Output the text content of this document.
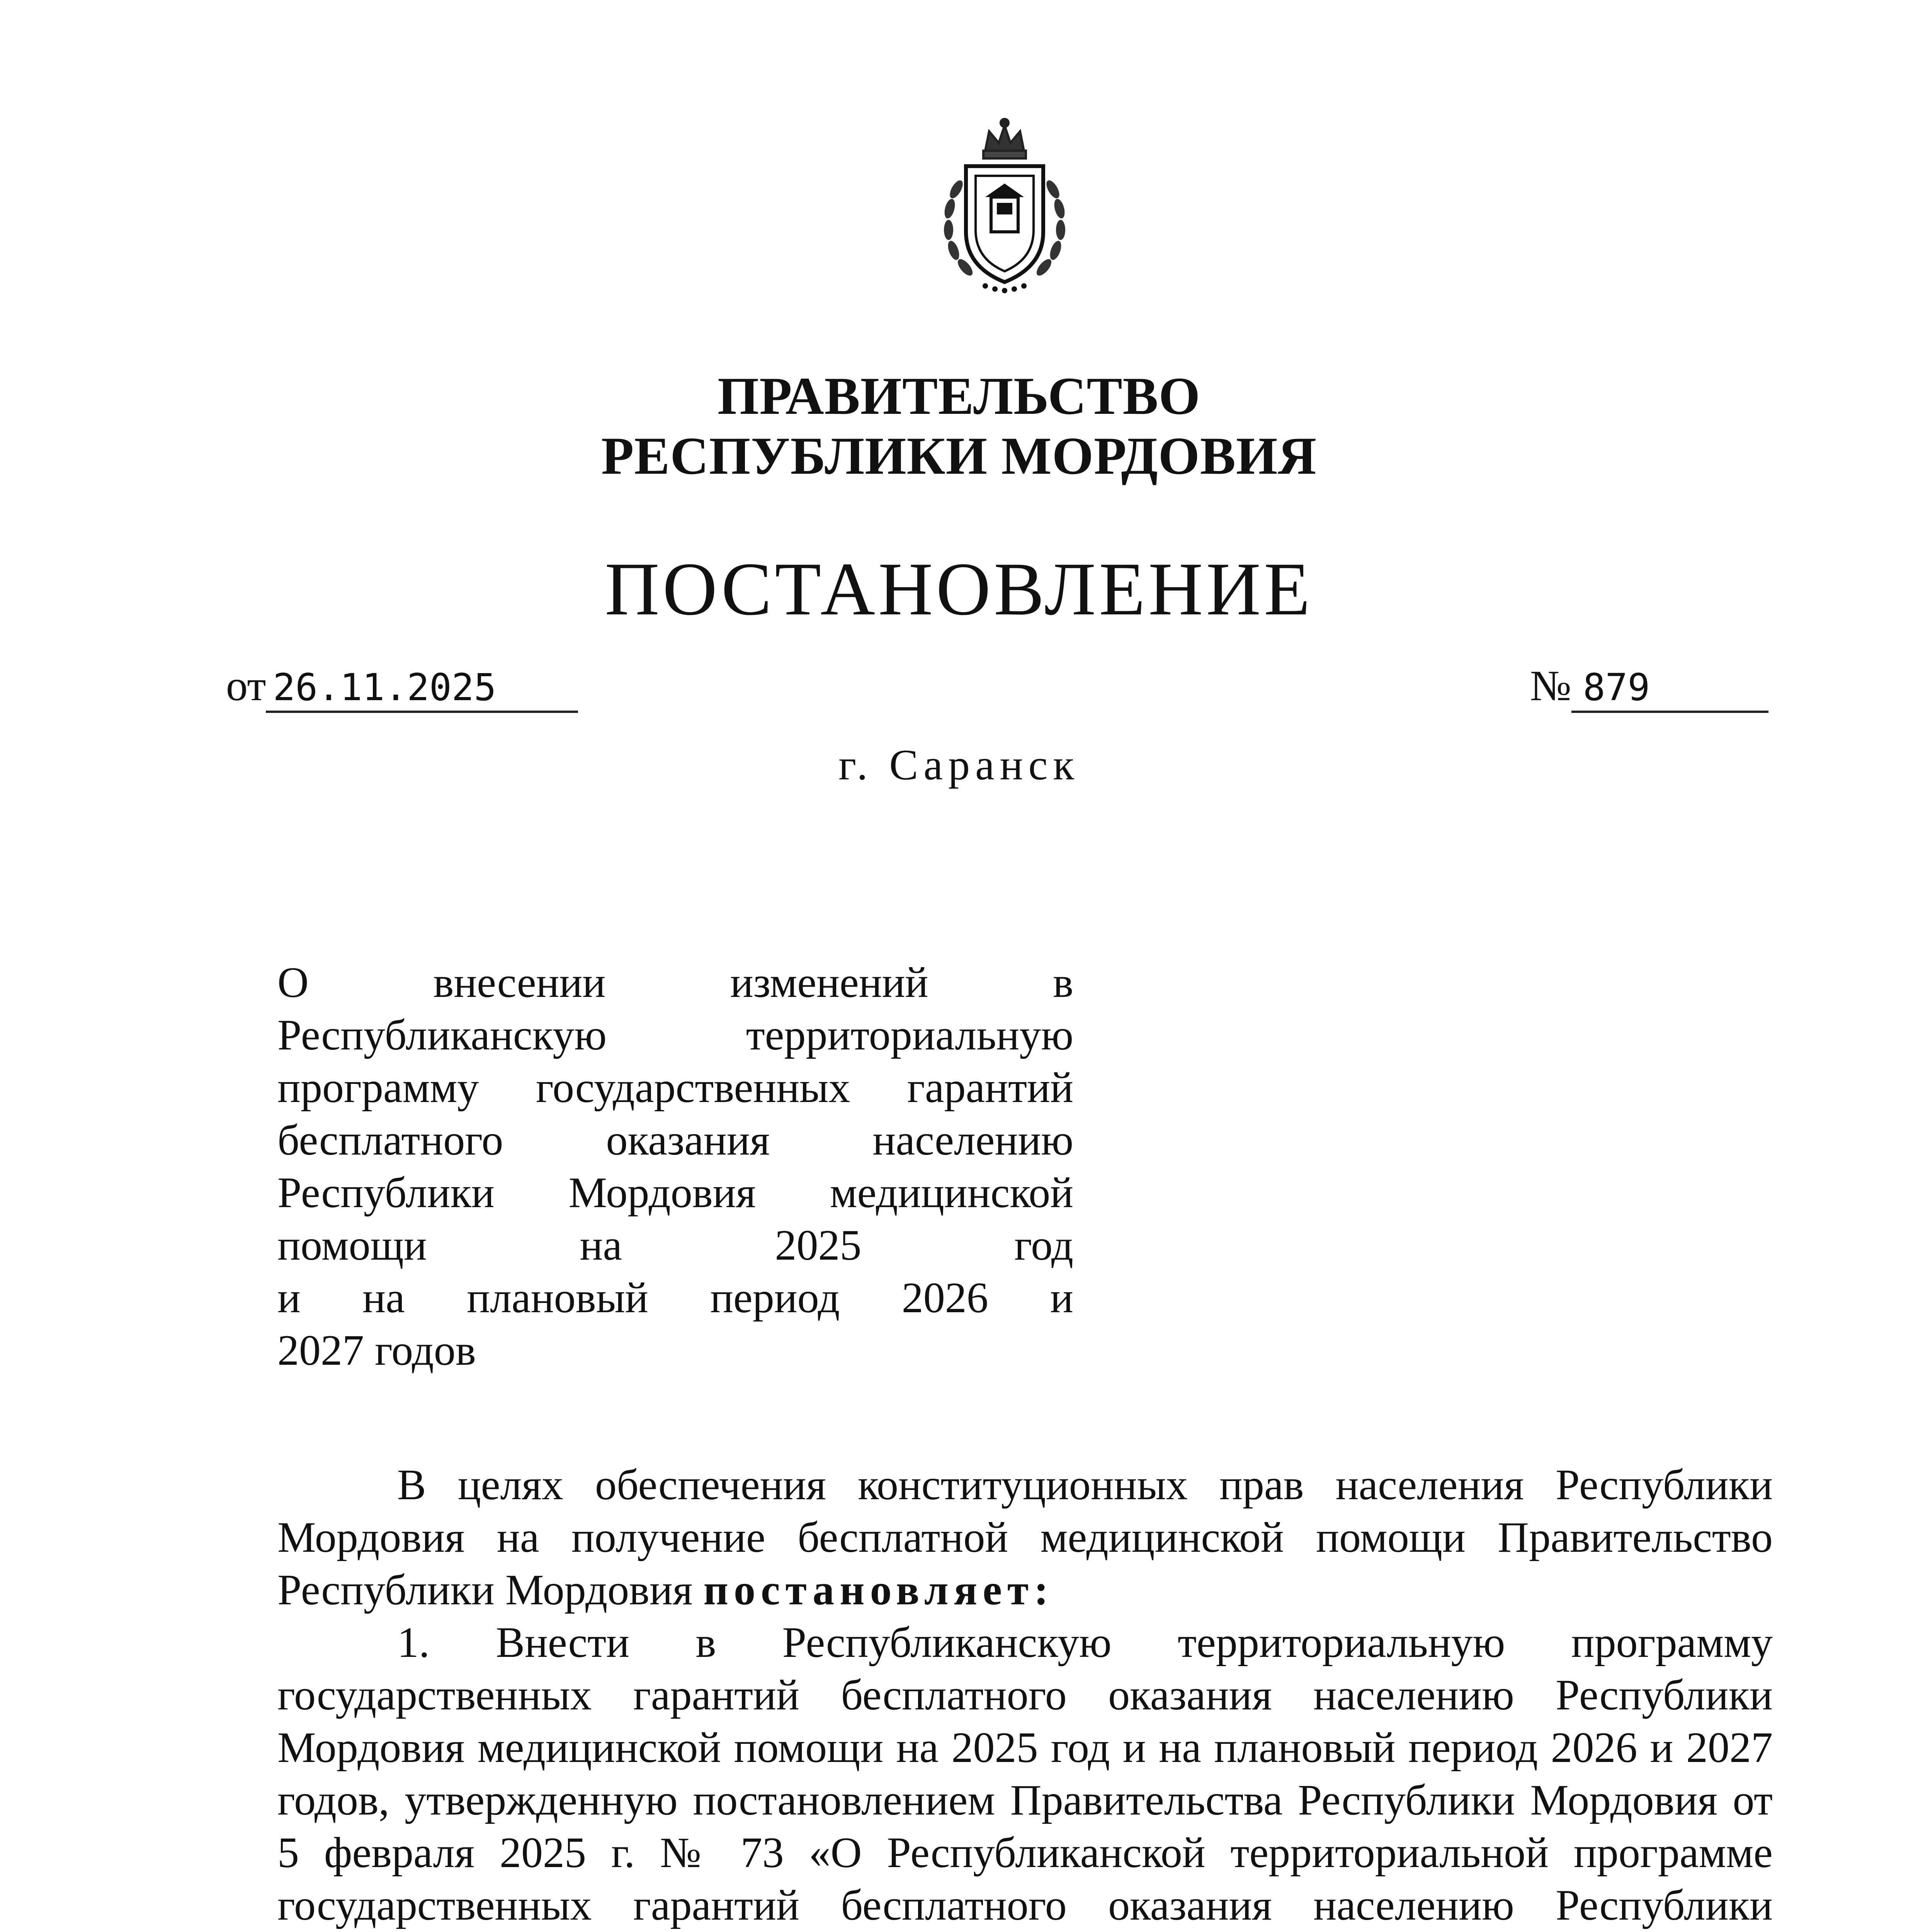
ПРАВИТЕЛЬСТВО
РЕСПУБЛИКИ МОРДОВИЯ
ПОСТАНОВЛЕНИЕ
от 26.11.2025	№ 879
г. Саранск
О внесении изменений в
Республиканскую территориальную
программу государственных гарантий
бесплатного оказания населению
Республики Мордовия медицинской
помощи на 2025 год
и на плановый период 2026 и
2027 годов

В целях обеспечения конституционных прав населения Республики Мордовия на получение бесплатной медицинской помощи Правительство Республики Мордовия постановляет:

1. Внести в Республиканскую территориальную программу государственных гарантий бесплатного оказания населению Республики Мордовия медицинской помощи на 2025 год и на плановый период 2026 и 2027 годов, утвержденную постановлением Правительства Республики Мордовия от 5 февраля 2025 г. № 73 «О Республиканской территориальной программе государственных гарантий бесплатного оказания населению Республики
